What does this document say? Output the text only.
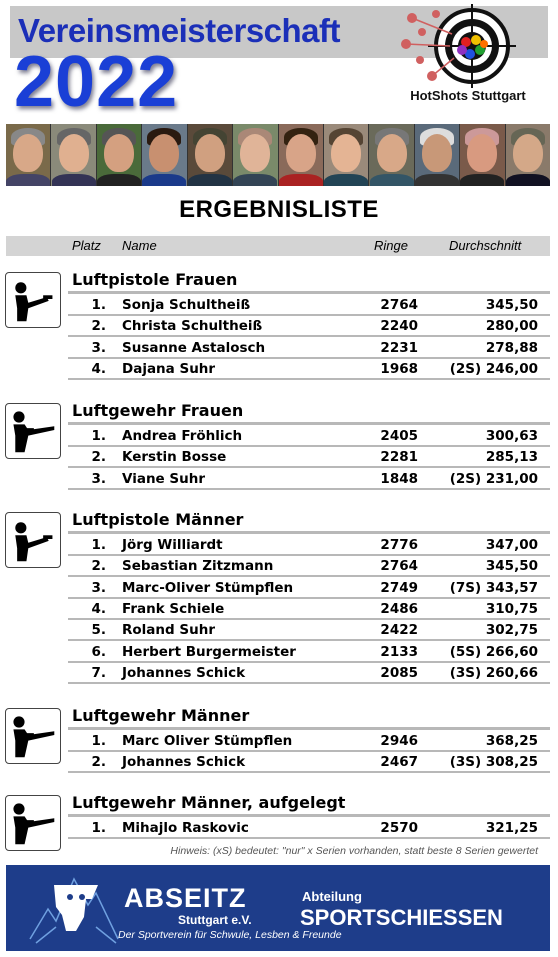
Vereinsmeisterschaft
2022	HotShots Stuttgart
ERGEBNISLISTE
Platz Name	Ringe	Durchschnitt
Luftpistole Frauen
1. Sonja Schultheiß	2764	345,50
2. Christa Schultheiß	2240	280,00
3. Susanne Astalosch	2231	278,88
4. Dajana Suhr	1968 (2S) 246,00
Luftgewehr Frauen
1. Andrea Fröhlich	2405	300,63
2. Kerstin Bosse	2281	285,13
3. Viane Suhr	1848 (2S) 231,00
Luftpistole Männer
1. Jörg Williardt	2776	347,00
2. Sebastian Zitzmann	2764	345,50
3. Marc-Oliver Stümpflen	2749 (7S) 343,57
4. Frank Schiele	2486	310,75
5. Roland Suhr	2422	302,75
6. Herbert Burgermeister	2133 (5S) 266,60
7. Johannes Schick	2085 (3S) 260,66
Luftgewehr Männer
1. Marc Oliver Stümpflen	2946	368,25
2. Johannes Schick	2467 (3S) 308,25
Luftgewehr Männer, aufgelegt
1. Mihajlo Raskovic	2570	321,25
Hinweis: (xS) bedeutet: "nur" x Serien vorhanden, statt beste 8 Serien gewertet
ABSEITZ
Stuttgart e.V.
Der Sportverein für Schwule, Lesben & Freunde
Abteilung
SPORTSCHIESSEN
